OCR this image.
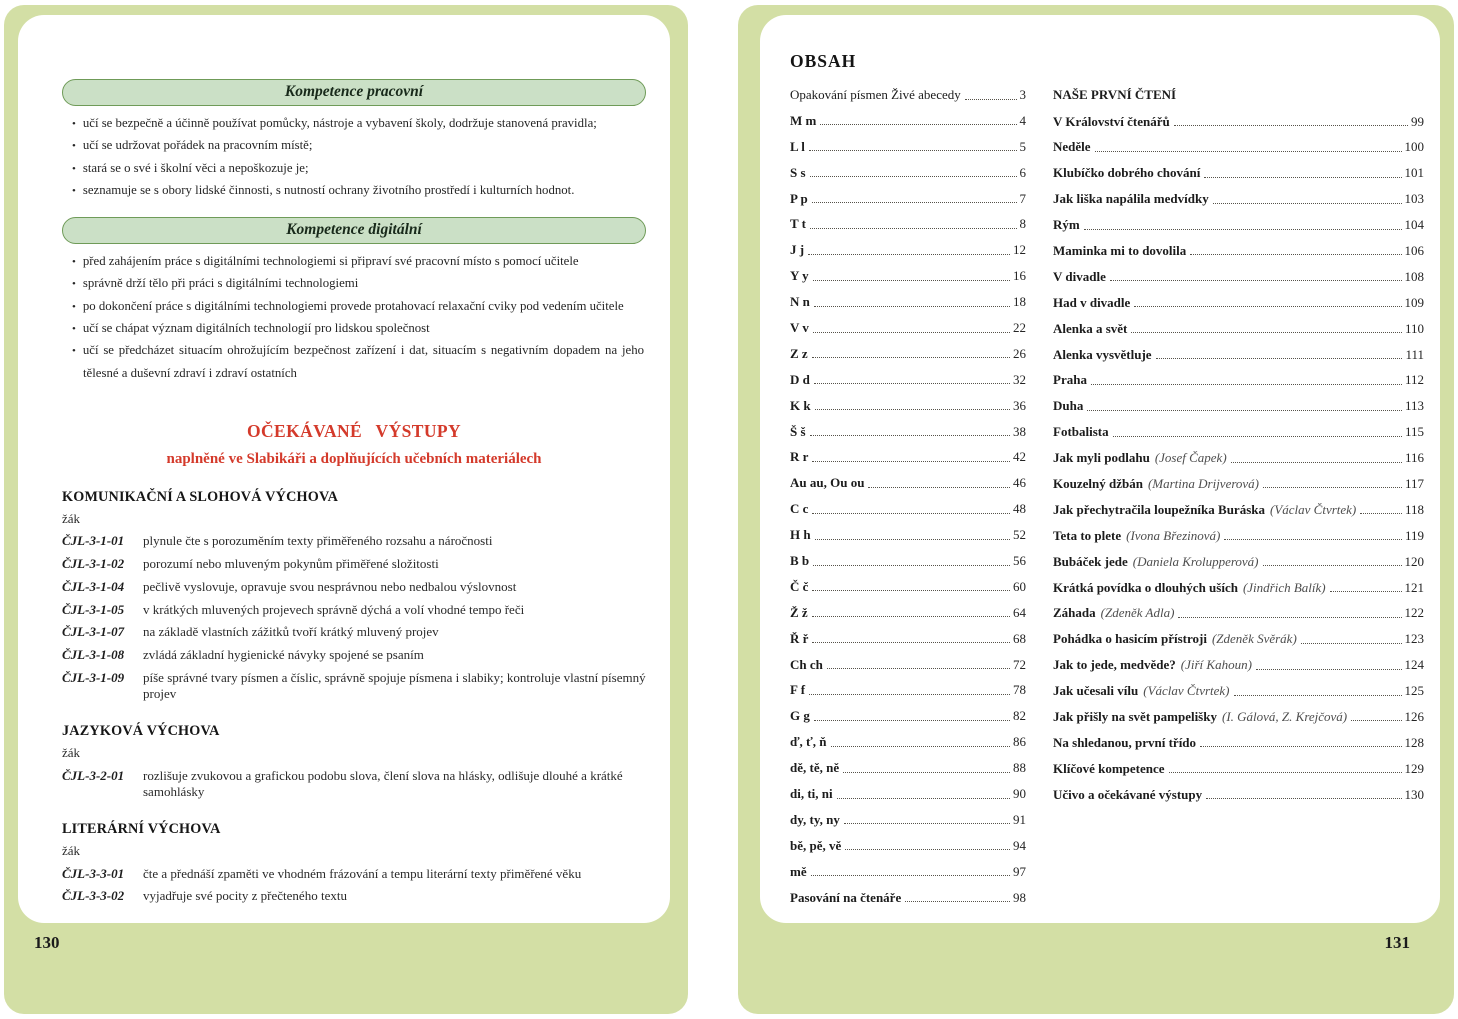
Kompetence pracovní
• učí se bezpečně a účinně používat pomůcky, nástroje a vybavení školy, dodržuje stanovená pravidla;
• učí se udržovat pořádek na pracovním místě;
• stará se o své i školní věci a nepoškozuje je;
• seznamuje se s obory lidské činnosti, s nutností ochrany životního prostředí i kulturních hodnot.
Kompetence digitální
• před zahájením práce s digitálními technologiemi si připraví své pracovní místo s pomocí učitele
• správně drží tělo při práci s digitálními technologiemi
• po dokončení práce s digitálními technologiemi provede protahovací relaxační cviky pod vedením učitele
• učí se chápat význam digitálních technologií pro lidskou společnost
• učí se předcházet situacím ohrožujícím bezpečnost zařízení i dat, situacím s negativním dopadem na jeho tělesné a duševní zdraví i zdraví ostatních
OČEKÁVANÉ VÝSTUPY
naplněné ve Slabikáři a doplňujících učebních materiálech
KOMUNIKAČNÍ A SLOHOVÁ VÝCHOVA
žák
ČJL-3-1-01	plynule čte s porozuměním texty přiměřeného rozsahu a náročnosti
ČJL-3-1-02	porozumí nebo mluveným pokynům přiměřené složitosti
ČJL-3-1-04	pečlivě vyslovuje, opravuje svou nesprávnou nebo nedbalou výslovnost
ČJL-3-1-05	v krátkých mluvených projevech správně dýchá a volí vhodné tempo řeči
ČJL-3-1-07	na základě vlastních zážitků tvoří krátký mluvený projev
ČJL-3-1-08	zvládá základní hygienické návyky spojené se psaním
ČJL-3-1-09	píše správné tvary písmen a číslic, správně spojuje písmena i slabiky; kontroluje vlastní písemný projev
JAZYKOVÁ VÝCHOVA
žák
ČJL-3-2-01	rozlišuje zvukovou a grafickou podobu slova, člení slova na hlásky, odlišuje dlouhé a krátké samohlásky
LITERÁRNÍ VÝCHOVA
žák
ČJL-3-3-01	čte a přednáší zpaměti ve vhodném frázování a tempu literární texty přiměřené věku
ČJL-3-3-02	vyjadřuje své pocity z přečteného textu
130
OBSAH
Opakování písmen Živé abecedy	3
M m	4
L l	5
S s	6
P p	7
T t	8
J j	12
Y y	16
N n	18
V v	22
Z z	26
D d	32
K k	36
Š š	38
R r	42
Au au, Ou ou	46
C c	48
H h	52
B b	56
Č č	60
Ž ž	64
Ř ř	68
Ch ch	72
F f	78
G g	82
ď, ť, ň	86
dě, tě, ně	88
di, ti, ni	90
dy, ty, ny	91
bě, pě, vě	94
mě	97
Pasování na čtenáře	98
NAŠE PRVNÍ ČTENÍ
V Království čtenářů	99
Neděle	100
Klubíčko dobrého chování	101
Jak liška napálila medvídky	103
Rým	104
Maminka mi to dovolila	106
V divadle	108
Had v divadle	109
Alenka a svět	110
Alenka vysvětluje	111
Praha	112
Duha	113
Fotbalista	115
Jak myli podlahu (Josef Čapek)	116
Kouzelný džbán (Martina Drijverová)	117
Jak přechytračila loupežníka Buráska (Václav Čtvrtek)	118
Teta to plete (Ivona Březinová)	119
Bubáček jede (Daniela Krolupperová)	120
Krátká povídka o dlouhých uších (Jindřich Balík)	121
Záhada (Zdeněk Adla)	122
Pohádka o hasicím přístroji (Zdeněk Svěrák)	123
Jak to jede, medvěde? (Jiří Kahoun)	124
Jak učesali vílu (Václav Čtvrtek)	125
Jak přišly na svět pampelišky (I. Gálová, Z. Krejčová)	126
Na shledanou, první třído	128
Klíčové kompetence	129
Učivo a očekávané výstupy	130
131
